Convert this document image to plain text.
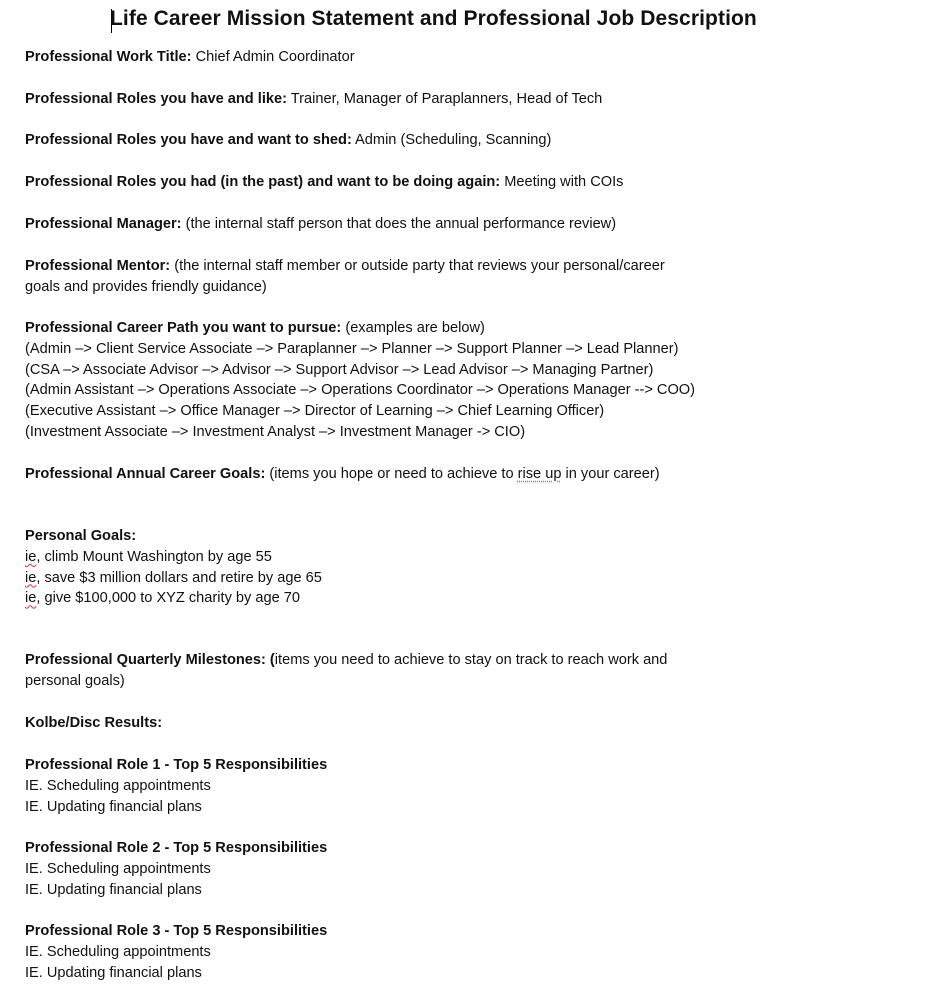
Life Career Mission Statement and Professional Job Description
Professional Work Title: Chief Admin Coordinator
Professional Roles you have and like: Trainer, Manager of Paraplanners, Head of Tech
Professional Roles you have and want to shed: Admin (Scheduling, Scanning)
Professional Roles you had (in the past) and want to be doing again: Meeting with COIs
Professional Manager: (the internal staff person that does the annual performance review)
Professional Mentor: (the internal staff member or outside party that reviews your personal/career
goals and provides friendly guidance)
Professional Career Path you want to pursue: (examples are below)
(Admin –> Client Service Associate –> Paraplanner –> Planner –> Support Planner –> Lead Planner)
(CSA –> Associate Advisor –> Advisor –> Support Advisor –> Lead Advisor –> Managing Partner)
(Admin Assistant –> Operations Associate –> Operations Coordinator –> Operations Manager --> COO)
(Executive Assistant –> Office Manager –> Director of Learning –> Chief Learning Officer)
(Investment Associate –> Investment Analyst –> Investment Manager -> CIO)
Professional Annual Career Goals: (items you hope or need to achieve to rise up in your career)
Personal Goals:
ie, climb Mount Washington by age 55
ie, save $3 million dollars and retire by age 65
ie, give $100,000 to XYZ charity by age 70
Professional Quarterly Milestones: (items you need to achieve to stay on track to reach work and
personal goals)
Kolbe/Disc Results:
Professional Role 1 - Top 5 Responsibilities
IE. Scheduling appointments
IE. Updating financial plans
Professional Role 2 - Top 5 Responsibilities
IE. Scheduling appointments
IE. Updating financial plans
Professional Role 3 - Top 5 Responsibilities
IE. Scheduling appointments
IE. Updating financial plans
